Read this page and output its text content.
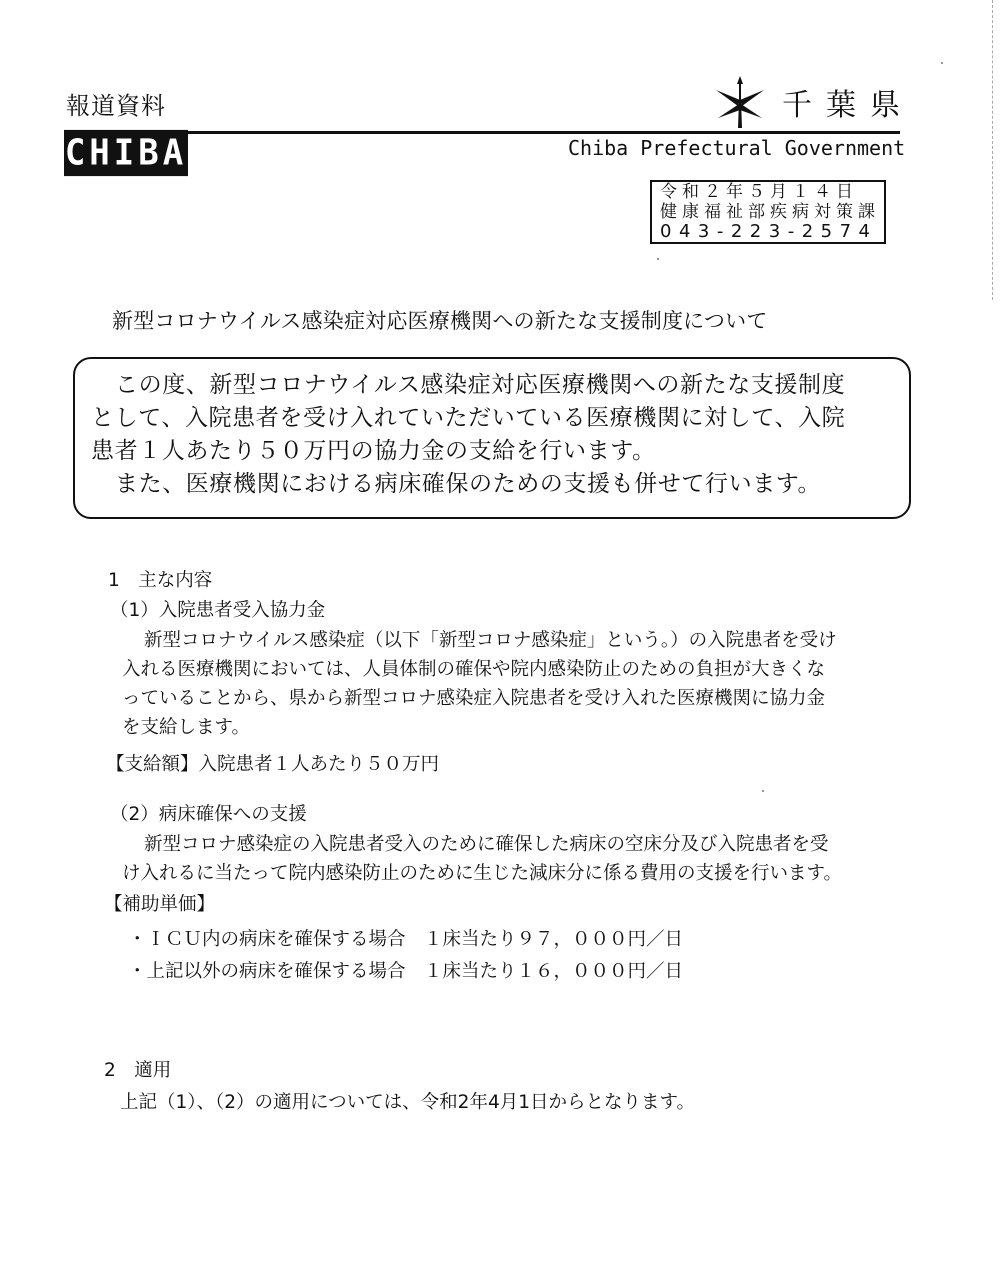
報道資料	千葉県
CHIBA	Chiba Prefectural Government
令和２年５月１４日
健康福祉部疾病対策課
043-223-2574
新型コロナウイルス感染症対応医療機関への新たな支援制度について
この度、新型コロナウイルス感染症対応医療機関への新たな支援制度
として、入院患者を受け入れていただいている医療機関に対して、入院
患者１人あたり５０万円の協力金の支給を行います。
また、医療機関における病床確保のための支援も併せて行います。
1　主な内容
（1）入院患者受入協力金
新型コロナウイルス感染症（以下「新型コロナ感染症」という。）の入院患者を受け
入れる医療機関においては、人員体制の確保や院内感染防止のための負担が大きくな
っていることから、県から新型コロナ感染症入院患者を受け入れた医療機関に協力金
を支給します。
【支給額】入院患者１人あたり５０万円
（2）病床確保への支援
新型コロナ感染症の入院患者受入のために確保した病床の空床分及び入院患者を受
け入れるに当たって院内感染防止のために生じた減床分に係る費用の支援を行います。
【補助単価】
・ＩＣＵ内の病床を確保する場合　１床当たり９７，０００円／日
・上記以外の病床を確保する場合　１床当たり１６，０００円／日
2　適用
上記（1）、（2）の適用については、令和2年4月1日からとなります。
